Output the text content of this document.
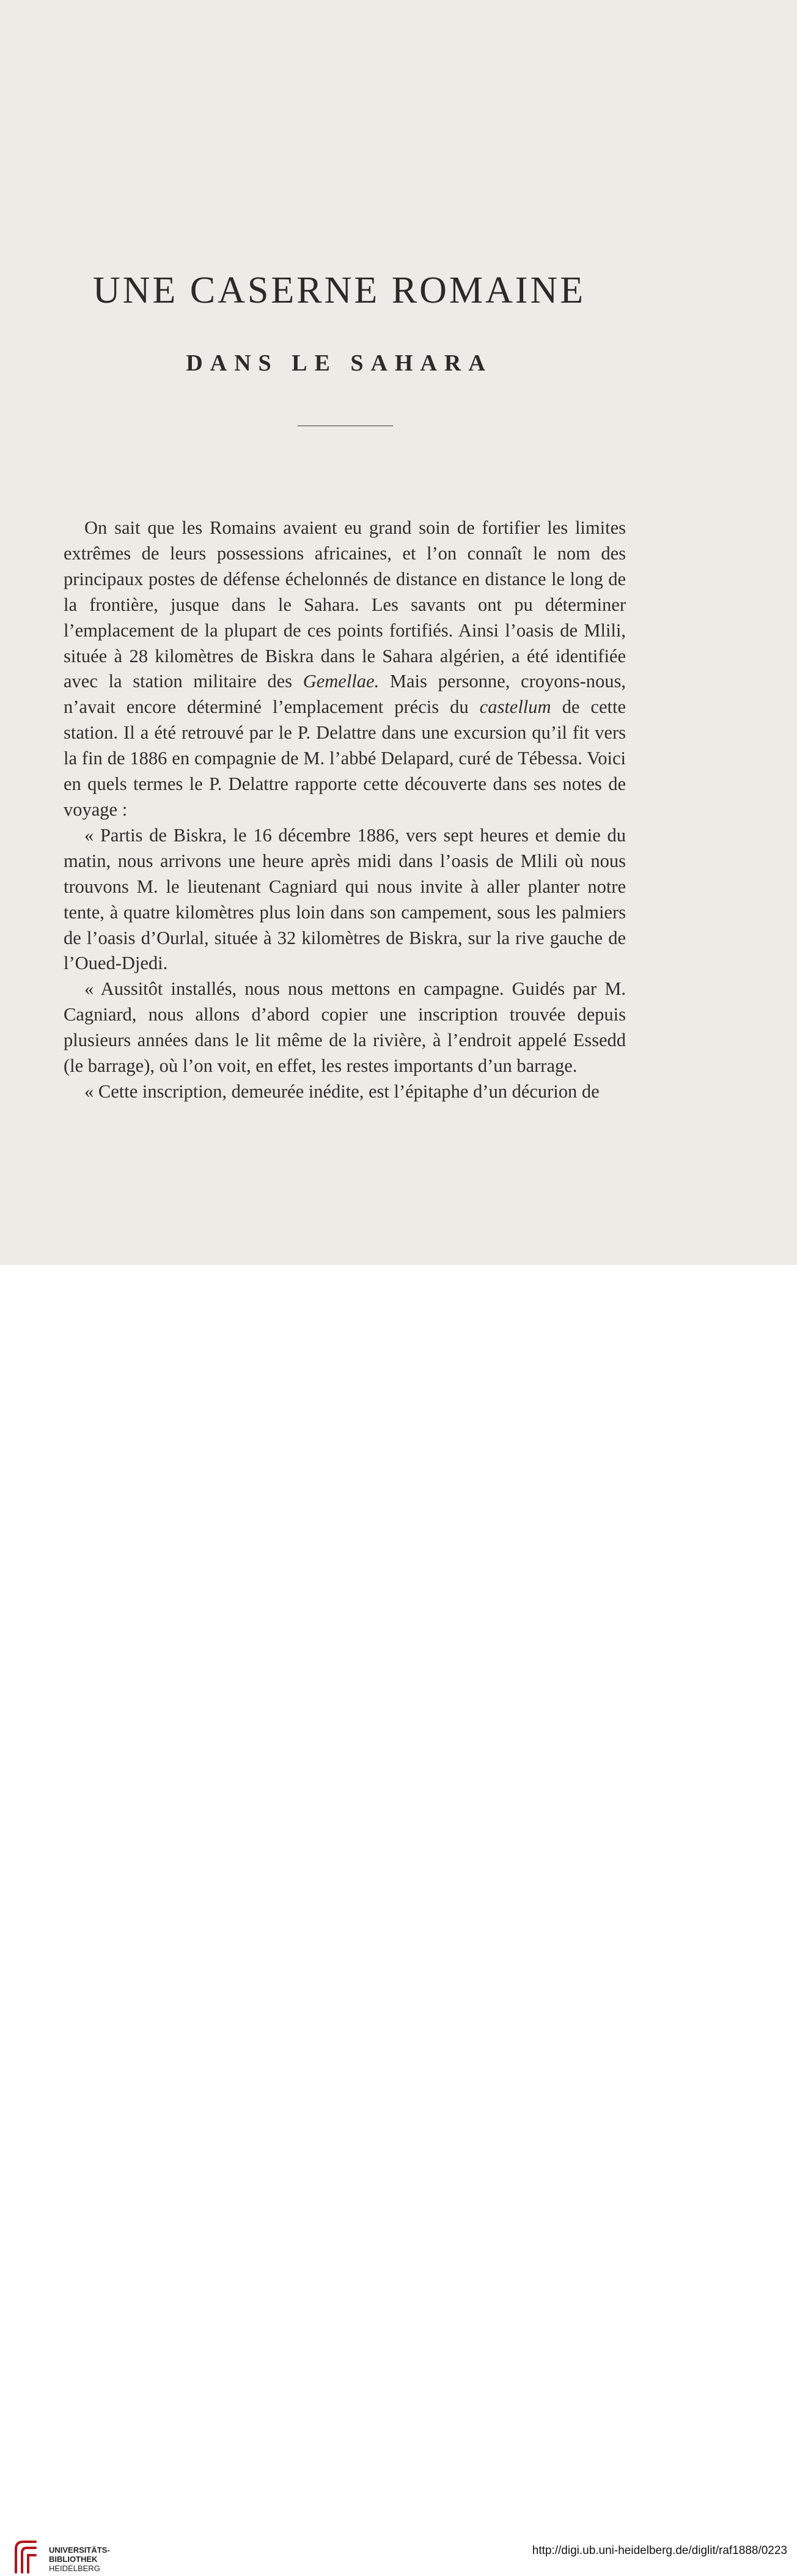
UNE CASERNE ROMAINE
DANS LE SAHARA

On sait que les Romains avaient eu grand soin de fortifier les limites extrêmes de leurs possessions africaines, et l’on connaît le nom des principaux postes de défense échelonnés de distance en distance le long de la frontière, jusque dans le Sahara. Les savants ont pu déterminer l’emplacement de la plupart de ces points fortifiés. Ainsi l’oasis de Mlili, située à 28 kilomètres de Biskra dans le Sahara algérien, a été identifiée avec la station militaire des Gemellae. Mais personne, croyons-nous, n’avait encore déterminé l’emplacement précis du castellum de cette station. Il a été retrouvé par le P. Delattre dans une excursion qu’il fit vers la fin de 1886 en compagnie de M. l’abbé Delapard, curé de Tébessa. Voici en quels termes le P. Delattre rapporte cette découverte dans ses notes de voyage :

« Partis de Biskra, le 16 décembre 1886, vers sept heures et demie du matin, nous arrivons une heure après midi dans l’oasis de Mlili où nous trouvons M. le lieutenant Cagniard qui nous invite à aller planter notre tente, à quatre kilomètres plus loin dans son campement, sous les palmiers de l’oasis d’Ourlal, située à 32 kilomètres de Biskra, sur la rive gauche de l’Oued-Djedi.

« Aussitôt installés, nous nous mettons en campagne. Guidés par M. Cagniard, nous allons d’abord copier une inscription trouvée depuis plusieurs années dans le lit même de la rivière, à l’endroit appelé Essedd (le barrage), où l’on voit, en effet, les restes importants d’un barrage.

« Cette inscription, demeurée inédite, est l’épitaphe d’un décurion de

UNIVERSITÄTS-
BIBLIOTHEK
HEIDELBERG
http://digi.ub.uni-heidelberg.de/diglit/raf1888/0223
